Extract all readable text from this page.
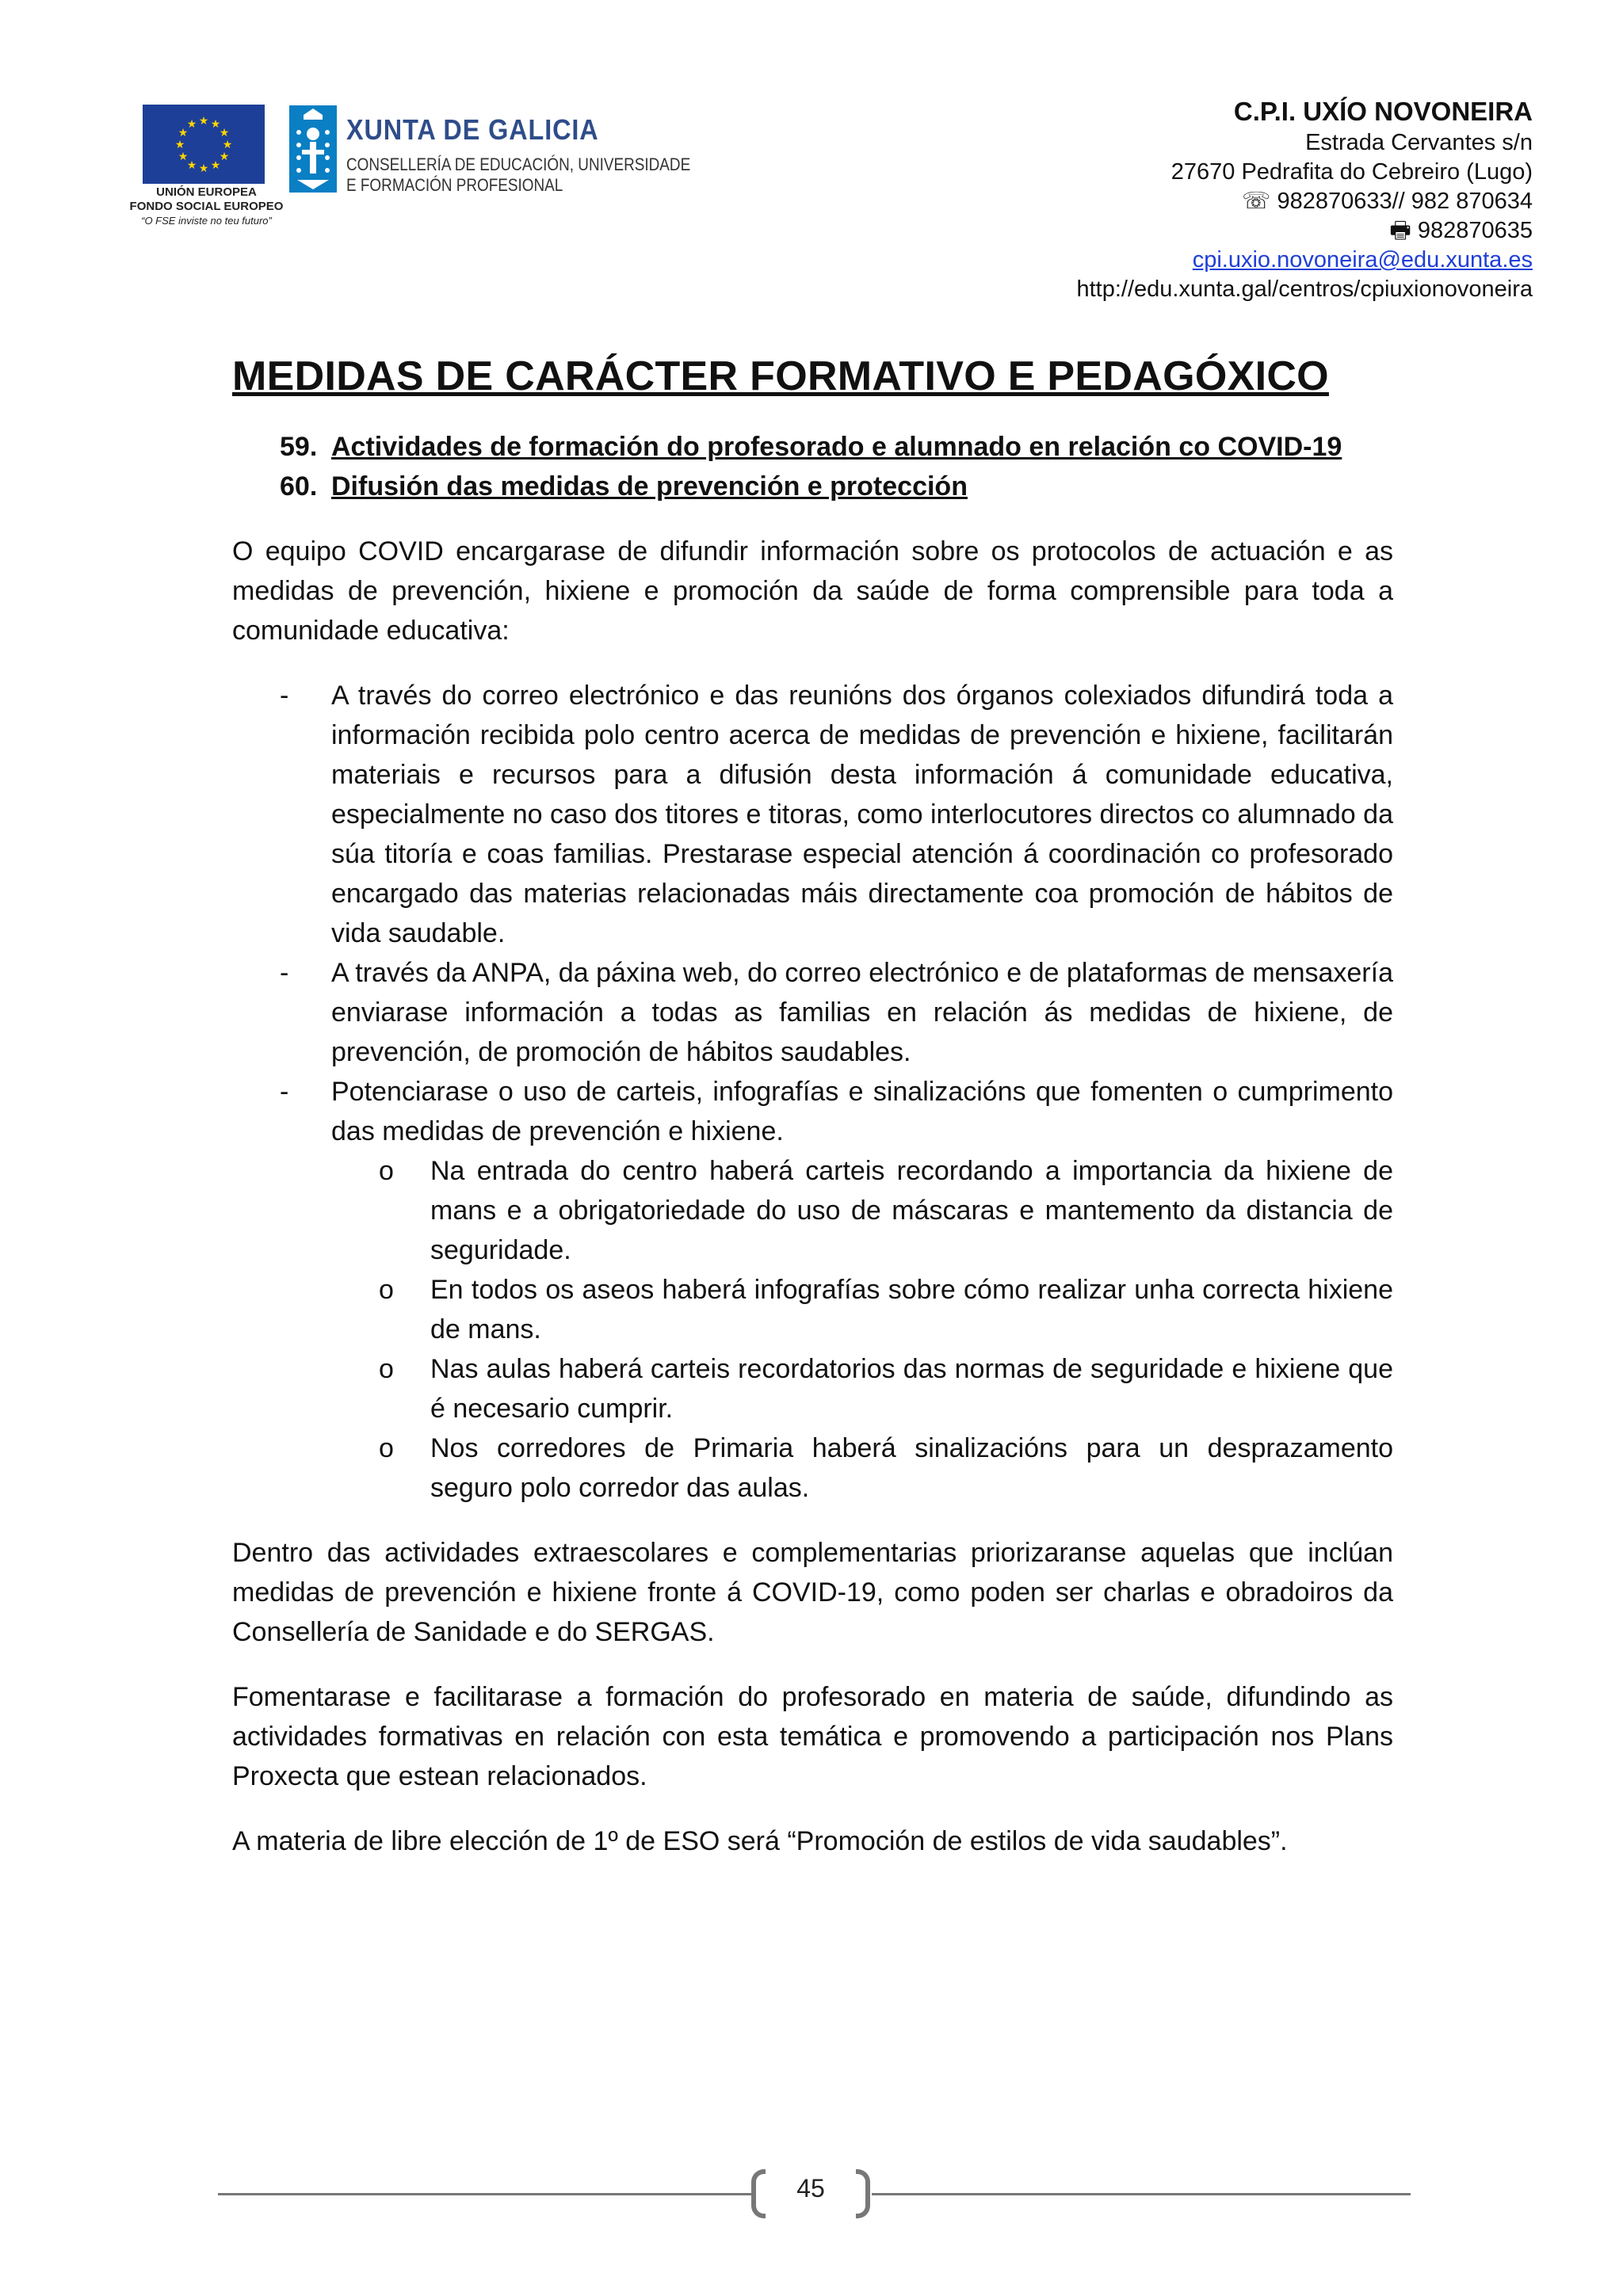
★ ★
★
★
★
★
★
★
★
★
★
★
UNIÓN EUROPEA
FONDO SOCIAL EUROPEO
“O FSE inviste no teu futuro”
XUNTA DE GALICIA
CONSELLERÍA DE EDUCACIÓN, UNIVERSIDADE
E FORMACIÓN PROFESIONAL
C.P.I. UXÍO NOVONEIRA
Estrada Cervantes s/n
27670 Pedrafita do Cebreiro (Lugo)
☏ 982870633// 982 870634
🖶 982870635
cpi.uxio.novoneira@edu.xunta.es
http://edu.xunta.gal/centros/cpiuxionovoneira
MEDIDAS DE CARÁCTER FORMATIVO E PEDAGÓXICO
59. Actividades de formación do profesorado e alumnado en relación co COVID-19
60. Difusión das medidas de prevención e protección

O equipo COVID encargarase de difundir información sobre os protocolos de actuación e as medidas de prevención, hixiene e promoción da saúde de forma comprensible para toda a comunidade educativa:

- A través do correo electrónico e das reunións dos órganos colexiados difundirá toda a información recibida polo centro acerca de medidas de prevención e hixiene, facilitarán materiais e recursos para a difusión desta información á comunidade educativa, especialmente no caso dos titores e titoras, como interlocutores directos co alumnado da súa titoría e coas familias. Prestarase especial atención á coordinación co profesorado encargado das materias relacionadas máis directamente coa promoción de hábitos de vida saudable.
- A través da ANPA, da páxina web, do correo electrónico e de plataformas de mensaxería enviarase información a todas as familias en relación ás medidas de hixiene, de prevención, de promoción de hábitos saudables.
- Potenciarase o uso de carteis, infografías e sinalizacións que fomenten o cumprimento das medidas de prevención e hixiene.
o Na entrada do centro haberá carteis recordando a importancia da hixiene de mans e a obrigatoriedade do uso de máscaras e mantemento da distancia de seguridade.
o En todos os aseos haberá infografías sobre cómo realizar unha correcta hixiene de mans.
o Nas aulas haberá carteis recordatorios das normas de seguridade e hixiene que é necesario cumprir.
o Nos corredores de Primaria haberá sinalizacións para un desprazamento seguro polo corredor das aulas.

Dentro das actividades extraescolares e complementarias priorizaranse aquelas que inclúan medidas de prevención e hixiene fronte á COVID-19, como poden ser charlas e obradoiros da Consellería de Sanidade e do SERGAS.

Fomentarase e facilitarase a formación do profesorado en materia de saúde, difundindo as actividades formativas en relación con esta temática e promovendo a participación nos Plans Proxecta que estean relacionados.

A materia de libre elección de 1º de ESO será “Promoción de estilos de vida saudables”.

45
